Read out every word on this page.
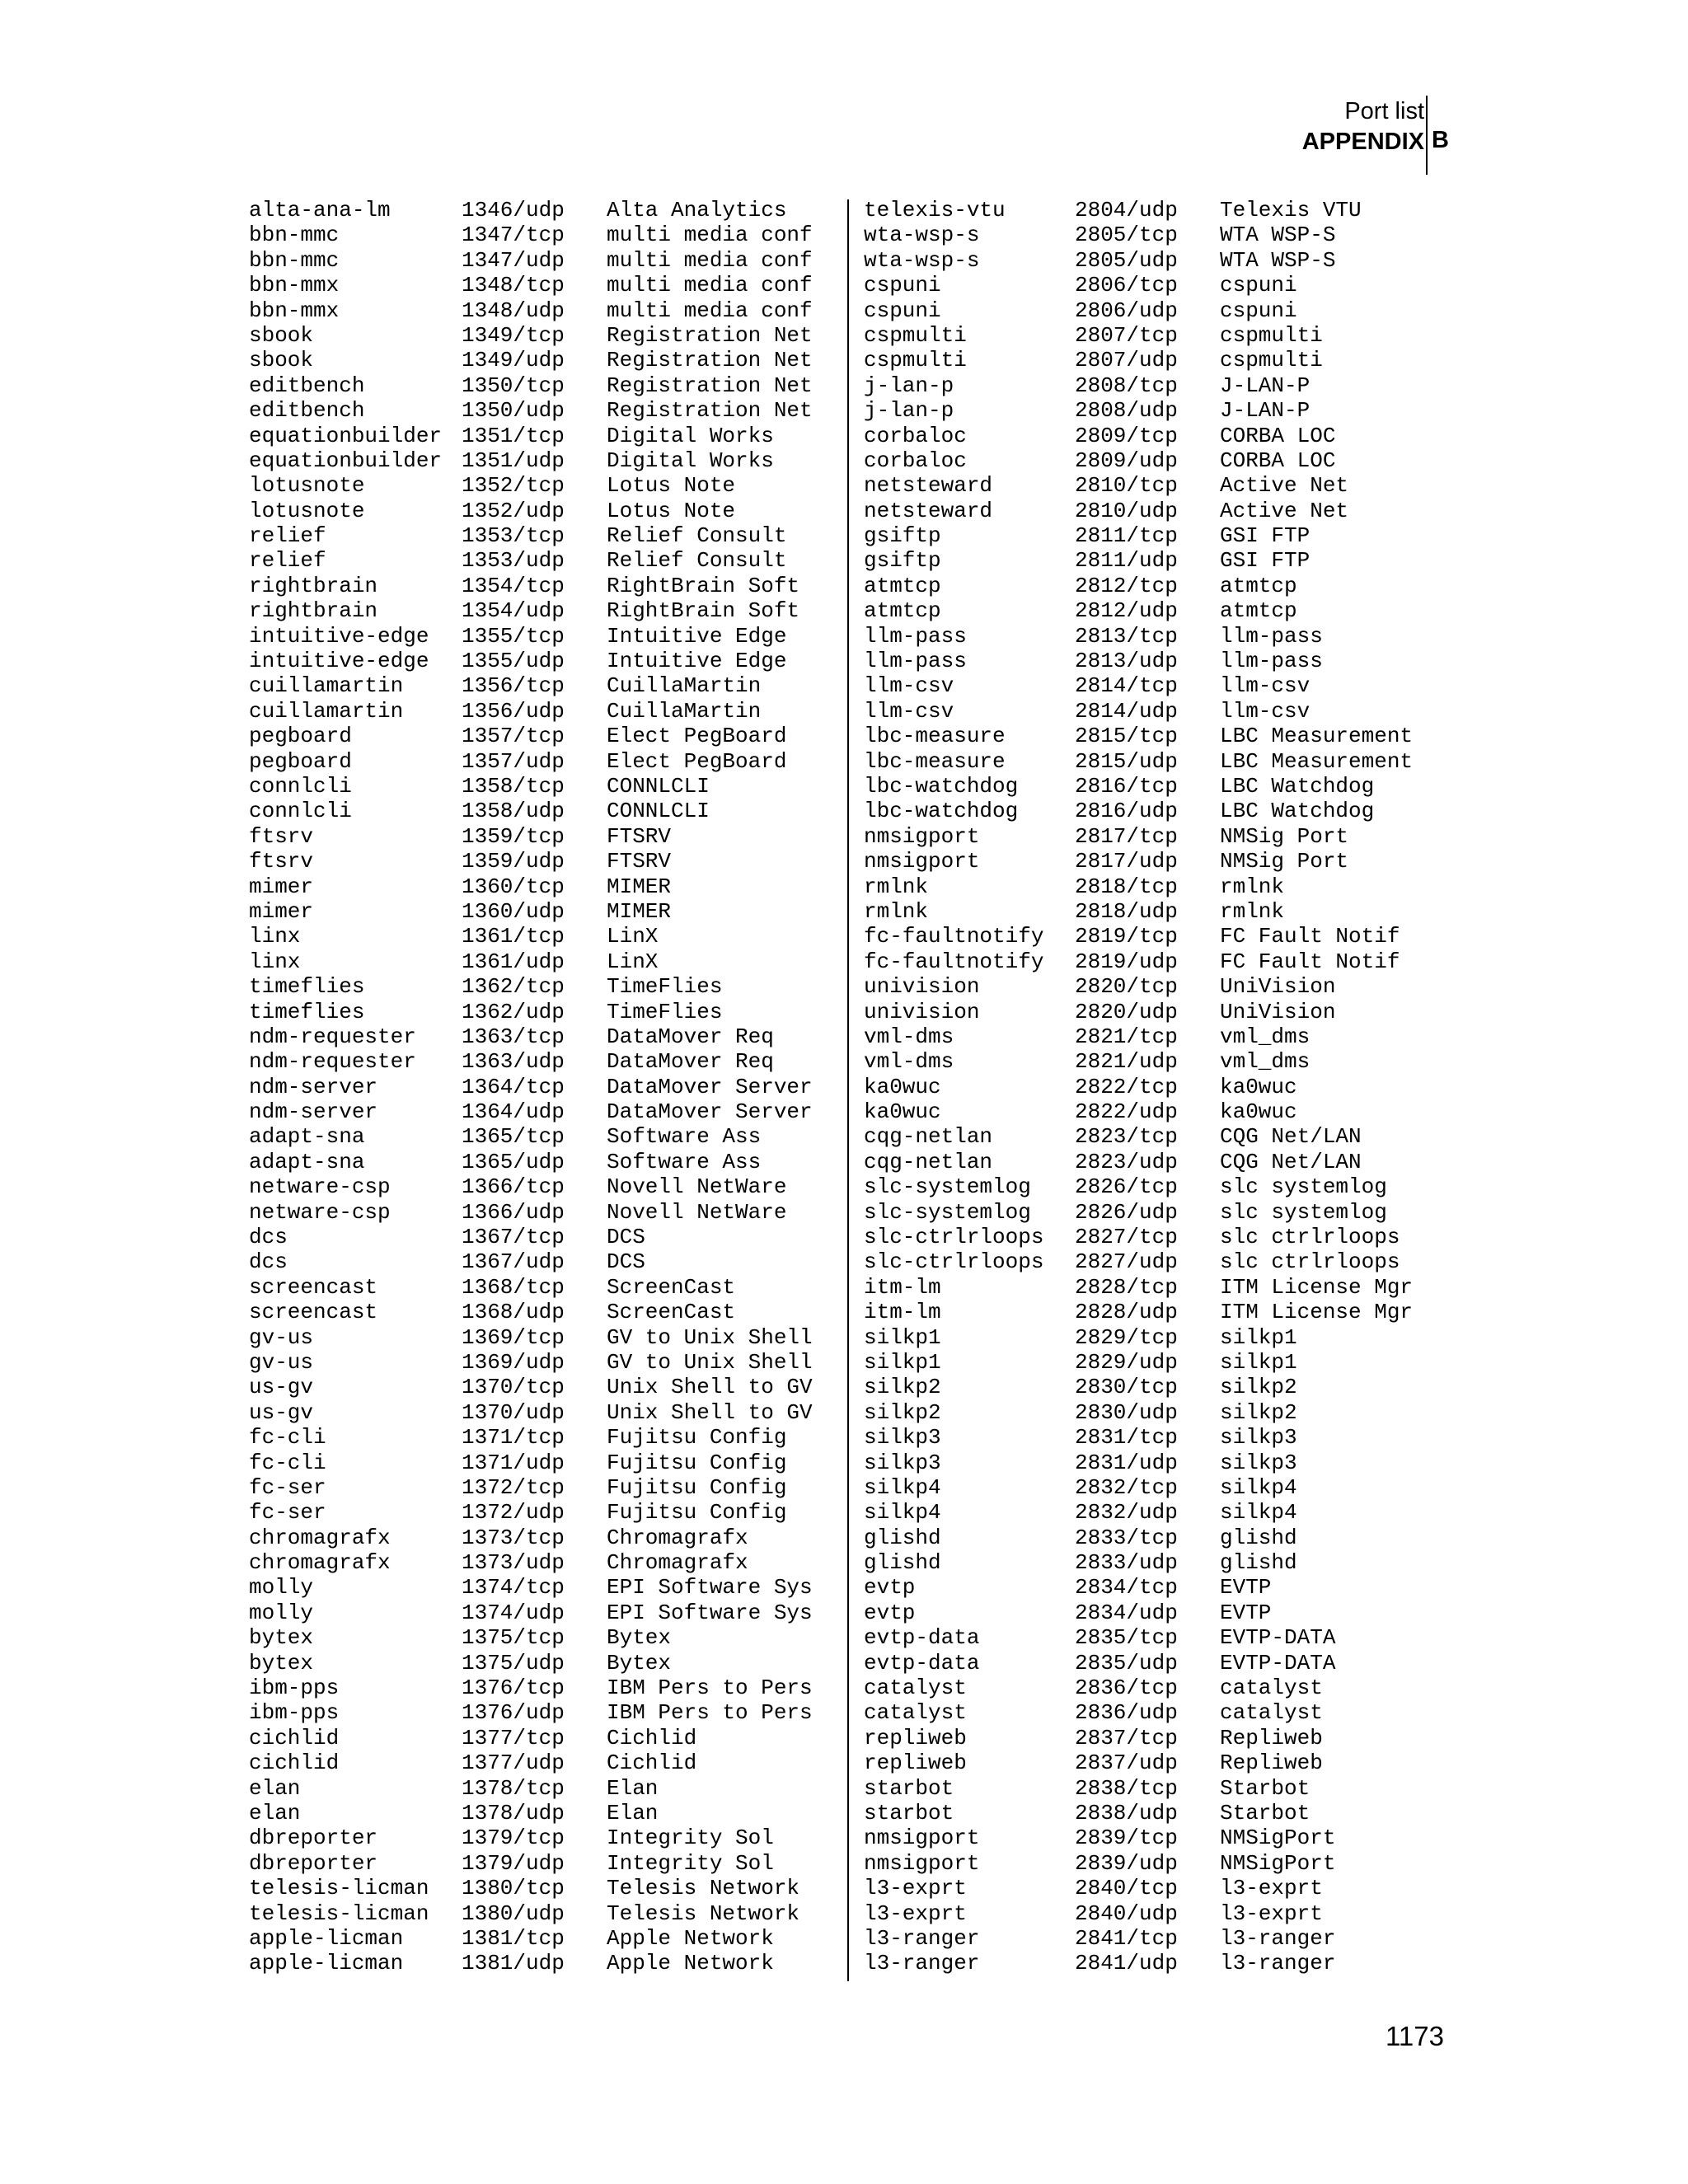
Port list
APPENDIX B
alta-ana-lm	1346/udp Alta Analytics
bbn-mmc	1347/tcp multi media conf
bbn-mmc	1347/udp multi media conf
bbn-mmx	1348/tcp multi media conf
bbn-mmx	1348/udp multi media conf
sbook	1349/tcp Registration Net
sbook	1349/udp Registration Net
editbench	1350/tcp Registration Net
editbench	1350/udp Registration Net
equationbuilder 1351/tcp Digital Works
equationbuilder 1351/udp Digital Works
lotusnote	1352/tcp Lotus Note
lotusnote	1352/udp Lotus Note
relief	1353/tcp Relief Consult
relief	1353/udp Relief Consult
rightbrain	1354/tcp RightBrain Soft
rightbrain	1354/udp RightBrain Soft
intuitive-edge 1355/tcp Intuitive Edge
intuitive-edge 1355/udp Intuitive Edge
cuillamartin	1356/tcp CuillaMartin
cuillamartin	1356/udp CuillaMartin
pegboard	1357/tcp Elect PegBoard
pegboard	1357/udp Elect PegBoard
connlcli	1358/tcp CONNLCLI
connlcli	1358/udp CONNLCLI
ftsrv	1359/tcp FTSRV
ftsrv	1359/udp FTSRV
mimer	1360/tcp MIMER
mimer	1360/udp MIMER
linx	1361/tcp LinX
linx	1361/udp LinX
timeflies	1362/tcp TimeFlies
timeflies	1362/udp TimeFlies
ndm-requester 1363/tcp DataMover Req
ndm-requester 1363/udp DataMover Req
ndm-server	1364/tcp DataMover Server
ndm-server	1364/udp DataMover Server
adapt-sna	1365/tcp Software Ass
adapt-sna	1365/udp Software Ass
netware-csp	1366/tcp Novell NetWare
netware-csp	1366/udp Novell NetWare
dcs	1367/tcp DCS
dcs	1367/udp DCS
screencast	1368/tcp ScreenCast
screencast	1368/udp ScreenCast
gv-us	1369/tcp GV to Unix Shell
gv-us	1369/udp GV to Unix Shell
us-gv	1370/tcp Unix Shell to GV
us-gv	1370/udp Unix Shell to GV
fc-cli	1371/tcp Fujitsu Config
fc-cli	1371/udp Fujitsu Config
fc-ser	1372/tcp Fujitsu Config
fc-ser	1372/udp Fujitsu Config
chromagrafx	1373/tcp Chromagrafx
chromagrafx	1373/udp Chromagrafx
molly	1374/tcp EPI Software Sys
molly	1374/udp EPI Software Sys
bytex	1375/tcp Bytex
bytex	1375/udp Bytex
ibm-pps	1376/tcp IBM Pers to Pers
ibm-pps	1376/udp IBM Pers to Pers
cichlid	1377/tcp Cichlid
cichlid	1377/udp Cichlid
elan	1378/tcp Elan
elan	1378/udp Elan
dbreporter	1379/tcp Integrity Sol
dbreporter	1379/udp Integrity Sol
telesis-licman 1380/tcp Telesis Network
telesis-licman 1380/udp Telesis Network
apple-licman	1381/tcp Apple Network
apple-licman	1381/udp Apple Network
telexis-vtu	2804/udp Telexis VTU
wta-wsp-s	2805/tcp WTA WSP-S
wta-wsp-s	2805/udp WTA WSP-S
cspuni	2806/tcp cspuni
cspuni	2806/udp cspuni
cspmulti	2807/tcp cspmulti
cspmulti	2807/udp cspmulti
j-lan-p	2808/tcp J-LAN-P
j-lan-p	2808/udp J-LAN-P
corbaloc	2809/tcp CORBA LOC
corbaloc	2809/udp CORBA LOC
netsteward	2810/tcp Active Net
netsteward	2810/udp Active Net
gsiftp	2811/tcp GSI FTP
gsiftp	2811/udp GSI FTP
atmtcp	2812/tcp atmtcp
atmtcp	2812/udp atmtcp
llm-pass	2813/tcp llm-pass
llm-pass	2813/udp llm-pass
llm-csv	2814/tcp llm-csv
llm-csv	2814/udp llm-csv
lbc-measure	2815/tcp LBC Measurement
lbc-measure	2815/udp LBC Measurement
lbc-watchdog	2816/tcp LBC Watchdog
lbc-watchdog	2816/udp LBC Watchdog
nmsigport	2817/tcp NMSig Port
nmsigport	2817/udp NMSig Port
rmlnk	2818/tcp rmlnk
rmlnk	2818/udp rmlnk
fc-faultnotify 2819/tcp FC Fault Notif
fc-faultnotify 2819/udp FC Fault Notif
univision	2820/tcp UniVision
univision	2820/udp UniVision
vml-dms	2821/tcp vml_dms
vml-dms	2821/udp vml_dms
ka0wuc	2822/tcp ka0wuc
ka0wuc	2822/udp ka0wuc
cqg-netlan	2823/tcp CQG Net/LAN
cqg-netlan	2823/udp CQG Net/LAN
slc-systemlog 2826/tcp slc systemlog
slc-systemlog 2826/udp slc systemlog
slc-ctrlrloops 2827/tcp slc ctrlrloops
slc-ctrlrloops 2827/udp slc ctrlrloops
itm-lm	2828/tcp ITM License Mgr
itm-lm	2828/udp ITM License Mgr
silkp1	2829/tcp silkp1
silkp1	2829/udp silkp1
silkp2	2830/tcp silkp2
silkp2	2830/udp silkp2
silkp3	2831/tcp silkp3
silkp3	2831/udp silkp3
silkp4	2832/tcp silkp4
silkp4	2832/udp silkp4
glishd	2833/tcp glishd
glishd	2833/udp glishd
evtp	2834/tcp EVTP
evtp	2834/udp EVTP
evtp-data	2835/tcp EVTP-DATA
evtp-data	2835/udp EVTP-DATA
catalyst	2836/tcp catalyst
catalyst	2836/udp catalyst
repliweb	2837/tcp Repliweb
repliweb	2837/udp Repliweb
starbot	2838/tcp Starbot
starbot	2838/udp Starbot
nmsigport	2839/tcp NMSigPort
nmsigport	2839/udp NMSigPort
l3-exprt	2840/tcp l3-exprt
l3-exprt	2840/udp l3-exprt
l3-ranger	2841/tcp l3-ranger
l3-ranger	2841/udp l3-ranger
1173
